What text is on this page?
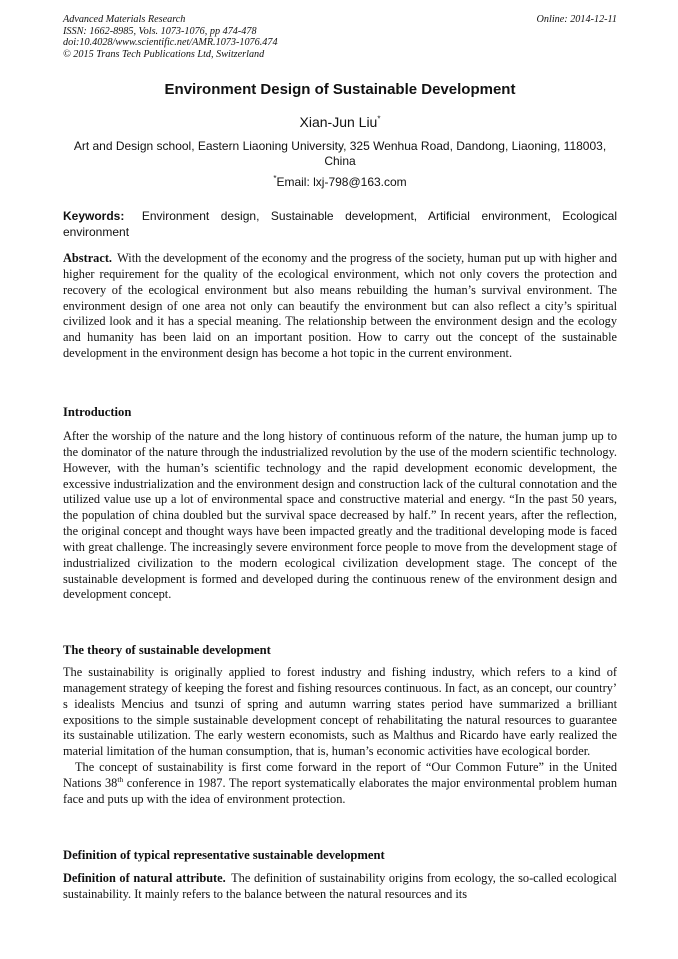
Advanced Materials Research
ISSN: 1662-8985, Vols. 1073-1076, pp 474-478
doi:10.4028/www.scientific.net/AMR.1073-1076.474
© 2015 Trans Tech Publications Ltd, Switzerland
Online: 2014-12-11
Environment Design of Sustainable Development
Xian-Jun Liu*
Art and Design school, Eastern Liaoning University, 325 Wenhua Road, Dandong, Liaoning, 118003, China
*Email: lxj-798@163.com
Keywords: Environment design, Sustainable development, Artificial environment, Ecological environment

Abstract. With the development of the economy and the progress of the society, human put up with higher and higher requirement for the quality of the ecological environment, which not only covers the protection and recovery of the ecological environment but also means rebuilding the human’s survival environment. The environment design of one area not only can beautify the environment but can also reflect a city’s spiritual civilized look and it has a special meaning. The relationship between the environment design and the ecology and humanity has been laid on an important position. How to carry out the concept of the sustainable development in the environment design has become a hot topic in the current environment.

Introduction

After the worship of the nature and the long history of continuous reform of the nature, the human jump up to the dominator of the nature through the industrialized revolution by the use of the modern scientific technology. However, with the human’s scientific technology and the rapid development economic development, the excessive industrialization and the environment design and construction lack of the cultural connotation and the utilized value use up a lot of environmental space and constructive material and energy. “In the past 50 years, the population of china doubled but the survival space decreased by half.” In recent years, after the reflection, the original concept and thought ways have been impacted greatly and the traditional developing mode is faced with great challenge. The increasingly severe environment force people to move from the development stage of industrialized civilization to the modern ecological civilization development stage. The concept of the sustainable development is formed and developed during the continuous renew of the environment design and development concept.

The theory of sustainable development

The sustainability is originally applied to forest industry and fishing industry, which refers to a kind of management strategy of keeping the forest and fishing resources continuous. In fact, as an concept, our country’ s idealists Mencius and tsunzi of spring and autumn warring states period have summarized a brilliant expositions to the simple sustainable development concept of rehabilitating the natural resources to guarantee its sustainable utilization. The early western economists, such as Malthus and Ricardo have early realized the material limitation of the human consumption, that is, human’s economic activities have ecological border.

The concept of sustainability is first come forward in the report of “Our Common Future” in the United Nations 38th conference in 1987. The report systematically elaborates the major environmental problem human face and puts up with the idea of environment protection.

Definition of typical representative sustainable development

Definition of natural attribute. The definition of sustainability origins from ecology, the so-called ecological sustainability. It mainly refers to the balance between the natural resources and its
